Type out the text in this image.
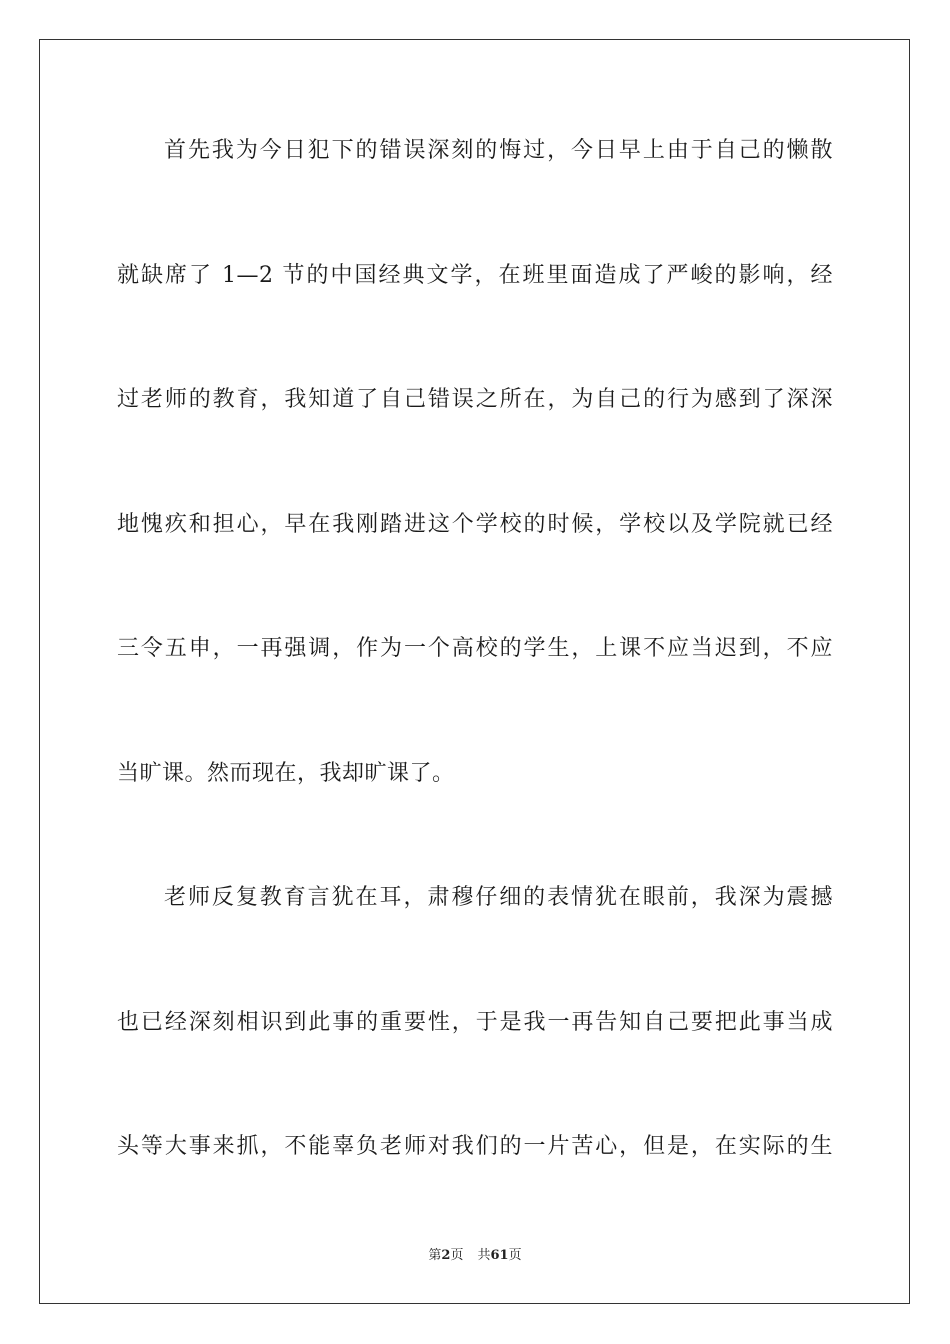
首先我为今日犯下的错误深刻的悔过，今日早上由于自己的懒散
就缺席了 1—2 节的中国经典文学，在班里面造成了严峻的影响，经
过老师的教育，我知道了自己错误之所在，为自己的行为感到了深深
地愧疚和担心，早在我刚踏进这个学校的时候，学校以及学院就已经
三令五申，一再强调，作为一个高校的学生，上课不应当迟到，不应
当旷课。然而现在，我却旷课了。
老师反复教育言犹在耳，肃穆仔细的表情犹在眼前，我深为震撼
也已经深刻相识到此事的重要性，于是我一再告知自己要把此事当成
头等大事来抓，不能辜负老师对我们的一片苦心，但是，在实际的生
第2页 共61页
